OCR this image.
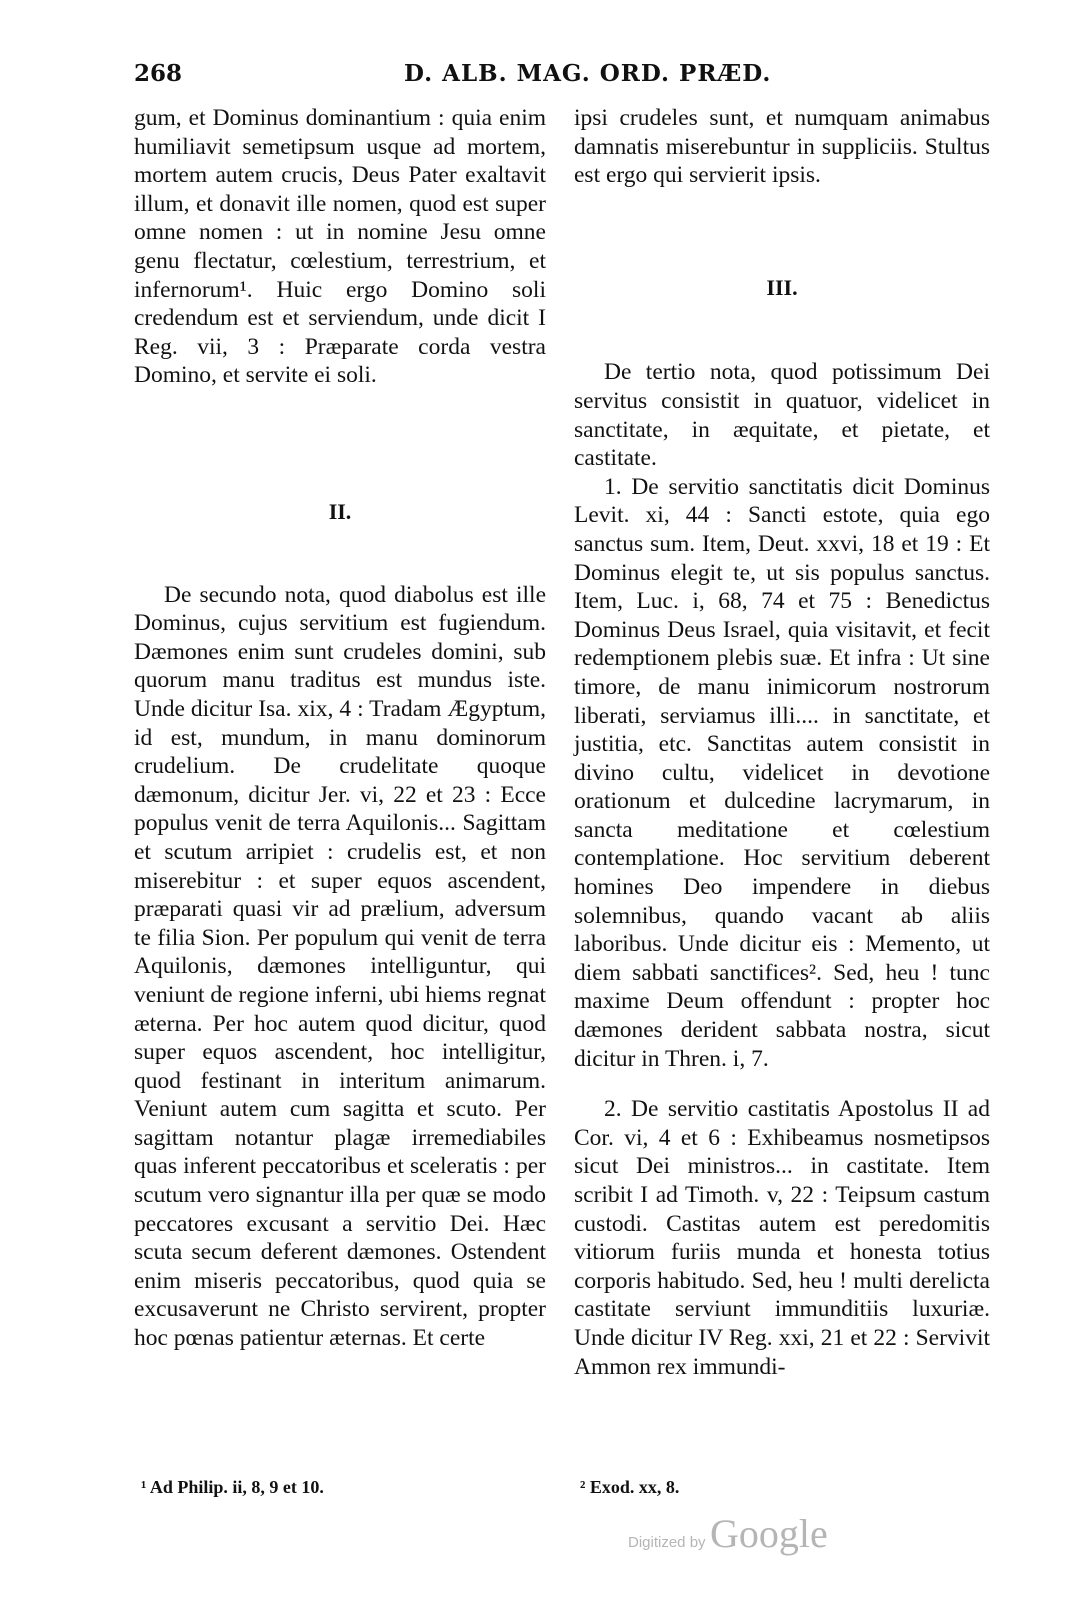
268	D. ALB. MAG. ORD. PRÆD.

gum, et Dominus dominantium : quia enim humiliavit semetipsum usque ad mortem, mortem autem crucis, Deus Pater exaltavit illum, et donavit ille nomen, quod est super omne nomen : ut in nomine Jesu omne genu flectatur, cœlestium, terrestrium, et infernorum¹. Huic ergo Domino soli credendum est et serviendum, unde dicit I Reg. vii, 3 : Præparate corda vestra Domino, et servite ei soli.

II.

De secundo nota, quod diabolus est ille Dominus, cujus servitium est fugiendum. Dæmones enim sunt crudeles domini, sub quorum manu traditus est mundus iste. Unde dicitur Isa. xix, 4 : Tradam Ægyptum, id est, mundum, in manu dominorum crudelium. De crudelitate quoque dæmonum, dicitur Jer. vi, 22 et 23 : Ecce populus venit de terra Aquilonis... Sagittam et scutum arripiet : crudelis est, et non miserebitur : et super equos ascendent, præparati quasi vir ad prælium, adversum te filia Sion. Per populum qui venit de terra Aquilonis, dæmones intelliguntur, qui veniunt de regione inferni, ubi hiems regnat æterna. Per hoc autem quod dicitur, quod super equos ascendent, hoc intelligitur, quod festinant in interitum animarum. Veniunt autem cum sagitta et scuto. Per sagittam notantur plagæ irremediabiles quas inferent peccatoribus et sceleratis : per scutum vero signantur illa per quæ se modo peccatores excusant a servitio Dei. Hæc scuta secum deferent dæmones. Ostendent enim miseris peccatoribus, quod quia se excusaverunt ne Christo servirent, propter hoc pœnas patientur æternas. Et certe

ipsi crudeles sunt, et numquam animabus damnatis miserebuntur in suppliciis. Stultus est ergo qui servierit ipsis.

III.

De tertio nota, quod potissimum Dei servitus consistit in quatuor, videlicet in sanctitate, in æquitate, et pietate, et castitate.

1. De servitio sanctitatis dicit Dominus Levit. xi, 44 : Sancti estote, quia ego sanctus sum. Item, Deut. xxvi, 18 et 19 : Et Dominus elegit te, ut sis populus sanctus. Item, Luc. i, 68, 74 et 75 : Benedictus Dominus Deus Israel, quia visitavit, et fecit redemptionem plebis suæ. Et infra : Ut sine timore, de manu inimicorum nostrorum liberati, serviamus illi.... in sanctitate, et justitia, etc. Sanctitas autem consistit in divino cultu, videlicet in devotione orationum et dulcedine lacrymarum, in sancta meditatione et cœlestium contemplatione. Hoc servitium deberent homines Deo impendere in diebus solemnibus, quando vacant ab aliis laboribus. Unde dicitur eis : Memento, ut diem sabbati sanctifices². Sed, heu ! tunc maxime Deum offendunt : propter hoc dæmones derident sabbata nostra, sicut dicitur in Thren. i, 7.

2. De servitio castitatis Apostolus II ad Cor. vi, 4 et 6 : Exhibeamus nosmetipsos sicut Dei ministros... in castitate. Item scribit I ad Timoth. v, 22 : Teipsum castum custodi. Castitas autem est peredomitis vitiorum furiis munda et honesta totius corporis habitudo. Sed, heu ! multi derelicta castitate serviunt immunditiis luxuriæ. Unde dicitur IV Reg. xxi, 21 et 22 : Servivit Ammon rex immundi-

¹ Ad Philip. ii, 8, 9 et 10.	² Exod. xx, 8.
Digitized by Google
